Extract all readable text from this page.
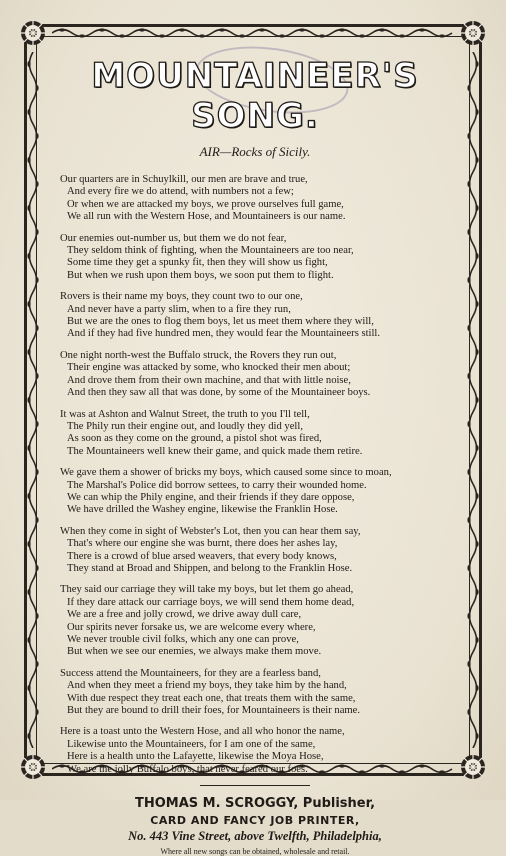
MOUNTAINEER'S SONG.
AIR—Rocks of Sicily.
Our quarters are in Schuylkill, our men are brave and true,
And every fire we do attend, with numbers not a few;
Or when we are attacked my boys, we prove ourselves full game,
We all run with the Western Hose, and Mountaineers is our name.
Our enemies out-number us, but them we do not fear,
They seldom think of fighting, when the Mountaineers are too near,
Some time they get a spunky fit, then they will show us fight,
But when we rush upon them boys, we soon put them to flight.
Rovers is their name my boys, they count two to our one,
And never have a party slim, when to a fire they run,
But we are the ones to flog them boys, let us meet them where they will,
And if they had five hundred men, they would fear the Mountaineers still.
One night north-west the Buffalo struck, the Rovers they run out,
Their engine was attacked by some, who knocked their men about;
And drove them from their own machine, and that with little noise,
And then they saw all that was done, by some of the Mountaineer boys.
It was at Ashton and Walnut Street, the truth to you I'll tell,
The Phily run their engine out, and loudly they did yell,
As soon as they come on the ground, a pistol shot was fired,
The Mountaineers well knew their game, and quick made them retire.
We gave them a shower of bricks my boys, which caused some since to moan,
The Marshal's Police did borrow settees, to carry their wounded home.
We can whip the Phily engine, and their friends if they dare oppose,
We have drilled the Washey engine, likewise the Franklin Hose.
When they come in sight of Webster's Lot, then you can hear them say,
That's where our engine she was burnt, there does her ashes lay,
There is a crowd of blue arsed weavers, that every body knows,
They stand at Broad and Shippen, and belong to the Franklin Hose.
They said our carriage they will take my boys, but let them go ahead,
If they dare attack our carriage boys, we will send them home dead,
We are a free and jolly crowd, we drive away dull care,
Our spirits never forsake us, we are welcome every where,
We never trouble civil folks, which any one can prove,
But when we see our enemies, we always make them move.
Success attend the Mountaineers, for they are a fearless band,
And when they meet a friend my boys, they take him by the hand,
With due respect they treat each one, that treats them with the same,
But they are bound to drill their foes, for Mountaineers is their name.
Here is a toast unto the Western Hose, and all who honor the name,
Likewise unto the Mountaineers, for I am one of the same,
Here is a health unto the Lafayette, likewise the Moya Hose,
We are the jolly Buffalo boys, that never feared our foes.
THOMAS M. SCROGGY, Publisher,
CARD AND FANCY JOB PRINTER,
No. 443 Vine Street, above Twelfth, Philadelphia,
Where all new songs can be obtained, wholesale and retail.
